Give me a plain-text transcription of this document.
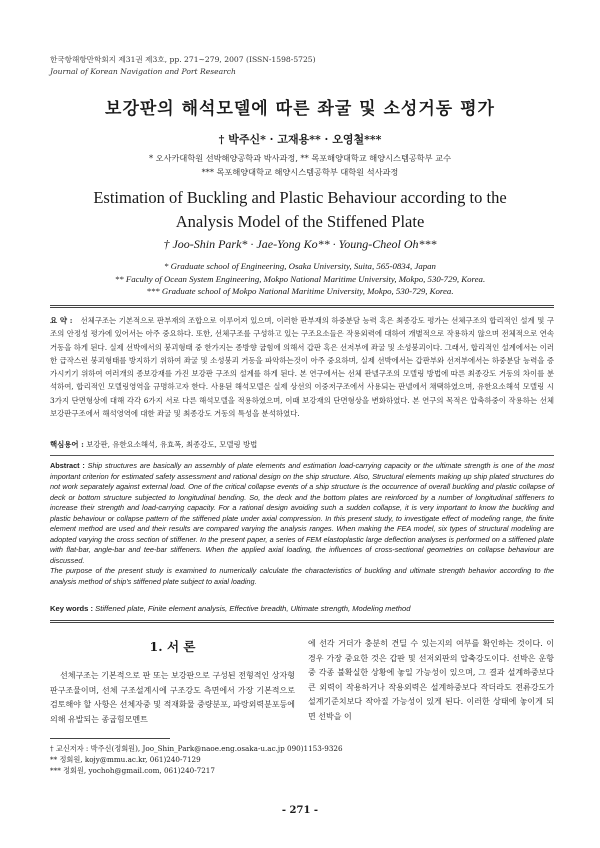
한국항해항만학회지 제31권 제3호, pp. 271~279, 2007 (ISSN-1598-5725)
Journal of Korean Navigation and Port Research
보강판의 해석모델에 따른 좌굴 및 소성거동 평가
† 박주신* · 고재용** · 오영철***
* 오사카대학원 선박해양공학과 박사과정, ** 목포해양대학교 해양시스템공학부 교수
*** 목포해양대학교 해양시스템공학부 대학원 석사과정
Estimation of Buckling and Plastic Behaviour according to the
Analysis Model of the Stiffened Plate
† Joo-Shin Park* · Jae-Yong Ko** · Young-Cheol Oh***
* Graduate school of Engineering, Osaka University, Suita, 565-0834, Japan
** Faculty of Ocean System Engineering, Mokpo National Maritime University, Mokpo, 530-729, Korea.
*** Graduate school of Mokpo National Maritime University, Mokpo, 530-729, Korea.
요 약 : 선체구조는 기본적으로 판부재의 조합으로 이루어져 있으며, 이러한 판부재의 하중분담 능력 혹은 최종강도 평가는 선체구조의 합리적인 설계 및 구조의 안정성 평가에 있어서는 아주 중요하다. 또한, 선체구조를 구성하고 있는 구조요소들은 작용외력에 대하여 개별적으로 작용하지 않으며 전체적으로 연속거동을 하게 된다. 실제 선박에서의 붕괴형태 중 한가지는 종방향 굽힘에 의해서 갑판 혹은 선저부에 좌굴 및 소성붕괴이다. 그래서, 합리적인 설계에서는 이러한 급작스런 붕괴형태를 방지하기 위하여 좌굴 및 소성붕괴 거동을 파악하는것이 아주 중요하며, 실제 선박에서는 갑판부와 선저부에서는 하중분담 능력을 증가시키기 위하여 여러개의 종보강재를 가진 보강판 구조의 설계를 하게 된다. 본 연구에서는 선체 판넬구조의 모델링 방법에 따른 최종강도 거동의 차이를 분석하여, 합리적인 모델링영역을 규명하고자 한다. 사용된 해석모델은 실제 상선의 이중저구조에서 사용되는 판넬에서 채택하였으며, 유한요소해석 모델링 시 3가지 단면형상에 대해 각각 6가지 서로 다른 해석모델을 적용하였으며, 이때 보강재의 단면형상을 변화하였다. 본 연구의 목적은 압축하중이 작용하는 선체 보강판구조에서 해석영역에 대한 좌굴 및 최종강도 거동의 특성을 분석하였다.
핵심용어 : 보강판, 유한요소해석, 유효폭, 최종강도, 모델링 방법
Abstract : Ship structures are basically an assembly of plate elements and estimation load-carrying capacity or the ultimate strength is one of the most important criterion for estimated safety assessment and rational design on the ship structure. Also, Structural elements making up ship plated structures do not work separately against external load. One of the critical collapse events of a ship structure is the occurrence of overall buckling and plastic collapse of deck or bottom structure subjected to longitudinal bending. So, the deck and the bottom plates are reinforced by a number of longitudinal stiffeners to increase their strength and load-carrying capacity. For a rational design avoiding such a sudden collapse, it is very important to know the buckling and plastic behaviour or collapse pattern of the stiffened plate under axial compression. In this present study, to investigate effect of modeling range, the finite element method are used and their results are compared varying the analysis ranges. When making the FEA model, six types of structural modeling are adopted varying the cross section of stiffener. In the present paper, a series of FEM elastoplastic large deflection analyses is performed on a stiffened plate with flat-bar, angle-bar and tee-bar stiffeners. When the applied axial loading, the influences of cross-sectional geometries on collapse behaviour are discussed.
The purpose of the present study is examined to numerically calculate the characteristics of buckling and ultimate strength behavior according to the analysis method of ship's stiffened plate subject to axial loading.
Key words : Stiffened plate, Finite element analysis, Effective breadth, Ultimate strength, Modeling method
1. 서 론
선체구조는 기본적으로 판 또는 보강판으로 구성된 전형적인 상자형 판구조물이며, 선체 구조설계시에 구조강도 측면에서 가장 기본적으로 검토해야 할 사항은 선체자중 및 적재화물 중량분포, 파랑외력분포등에 의해 유발되는 종굽힘모멘트
에 선각 거더가 충분히 견딜 수 있는지의 여부를 확인하는 것이다. 이 경우 가장 중요한 것은 갑판 및 선저외판의 압축강도이다. 선박은 운항 중 각종 불확실한 상황에 놓일 가능성이 있으며, 그 결과 설계하중보다 큰 외력이 작용하거나 작용외력은 설계하중보다 작더라도 전류강도가 설계기준치보다 작아질 가능성이 있게 된다. 이러한 상태에 놓이게 되면 선박을 이
† 교신저자 : 박주신(정회원), Joo_Shin_Park@naoe.eng.osaka-u.ac.jp 090)1153-9326
** 정회원, kojy@mmu.ac.kr, 061)240-7129
*** 정회원, yochoh@gmail.com, 061)240-7217
- 271 -
